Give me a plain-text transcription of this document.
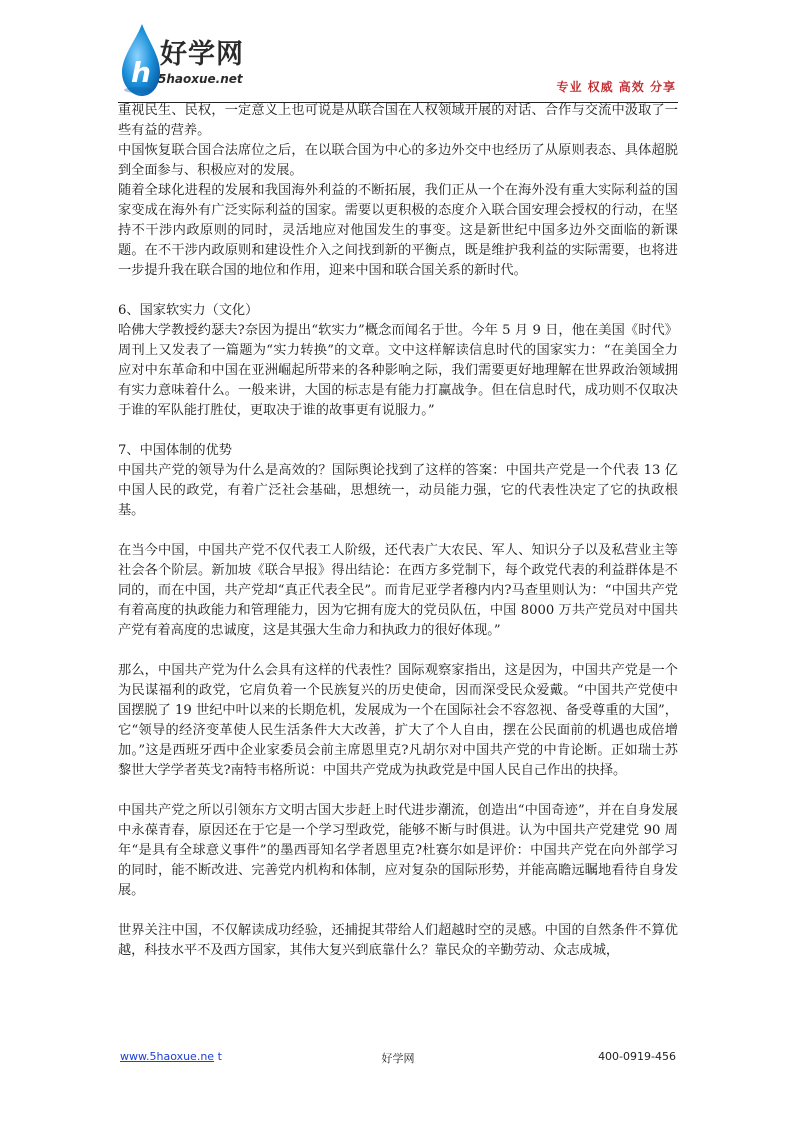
h
好学网
5haoxue.net
专业 权威 高效 分享

重视民生、民权，一定意义上也可说是从联合国在人权领域开展的对话、合作与交流中汲取了一些有益的营养。

中国恢复联合国合法席位之后，在以联合国为中心的多边外交中也经历了从原则表态、具体超脱到全面参与、积极应对的发展。

随着全球化进程的发展和我国海外利益的不断拓展，我们正从一个在海外没有重大实际利益的国家变成在海外有广泛实际利益的国家。需要以更积极的态度介入联合国安理会授权的行动，在坚持不干涉内政原则的同时，灵活地应对他国发生的事变。这是新世纪中国多边外交面临的新课题。在不干涉内政原则和建设性介入之间找到新的平衡点，既是维护我利益的实际需要，也将进一步提升我在联合国的地位和作用，迎来中国和联合国关系的新时代。

6、国家软实力（文化）

哈佛大学教授约瑟夫?奈因为提出“软实力”概念而闻名于世。今年 5 月 9 日，他在美国《时代》周刊上又发表了一篇题为“实力转换”的文章。文中这样解读信息时代的国家实力：“在美国全力应对中东革命和中国在亚洲崛起所带来的各种影响之际，我们需要更好地理解在世界政治领域拥有实力意味着什么。一般来讲，大国的标志是有能力打赢战争。但在信息时代，成功则不仅取决于谁的军队能打胜仗，更取决于谁的故事更有说服力。”

7、中国体制的优势

中国共产党的领导为什么是高效的？国际舆论找到了这样的答案：中国共产党是一个代表 13 亿中国人民的政党，有着广泛社会基础，思想统一，动员能力强，它的代表性决定了它的执政根基。

在当今中国，中国共产党不仅代表工人阶级，还代表广大农民、军人、知识分子以及私营业主等社会各个阶层。新加坡《联合早报》得出结论：在西方多党制下，每个政党代表的利益群体是不同的，而在中国，共产党却“真正代表全民”。而肯尼亚学者穆内内?马查里则认为：“中国共产党有着高度的执政能力和管理能力，因为它拥有庞大的党员队伍，中国 8000 万共产党员对中国共产党有着高度的忠诚度，这是其强大生命力和执政力的很好体现。”

那么，中国共产党为什么会具有这样的代表性？国际观察家指出，这是因为，中国共产党是一个为民谋福利的政党，它肩负着一个民族复兴的历史使命，因而深受民众爱戴。“中国共产党使中国摆脱了 19 世纪中叶以来的长期危机，发展成为一个在国际社会不容忽视、备受尊重的大国”，它“领导的经济变革使人民生活条件大大改善，扩大了个人自由，摆在公民面前的机遇也成倍增加。”这是西班牙西中企业家委员会前主席恩里克?凡胡尔对中国共产党的中肯论断。正如瑞士苏黎世大学学者英戈?南特韦格所说：中国共产党成为执政党是中国人民自己作出的抉择。

中国共产党之所以引领东方文明古国大步赶上时代进步潮流，创造出“中国奇迹”，并在自身发展中永葆青春，原因还在于它是一个学习型政党，能够不断与时俱进。认为中国共产党建党 90 周年“是具有全球意义事件”的墨西哥知名学者恩里克?杜赛尔如是评价：中国共产党在向外部学习的同时，能不断改进、完善党内机构和体制，应对复杂的国际形势，并能高瞻远瞩地看待自身发展。

世界关注中国，不仅解读成功经验，还捕捉其带给人们超越时空的灵感。中国的自然条件不算优越，科技水平不及西方国家，其伟大复兴到底靠什么？靠民众的辛勤劳动、众志成城，

www.5haoxue.ne t	好学网	400-0919-456
